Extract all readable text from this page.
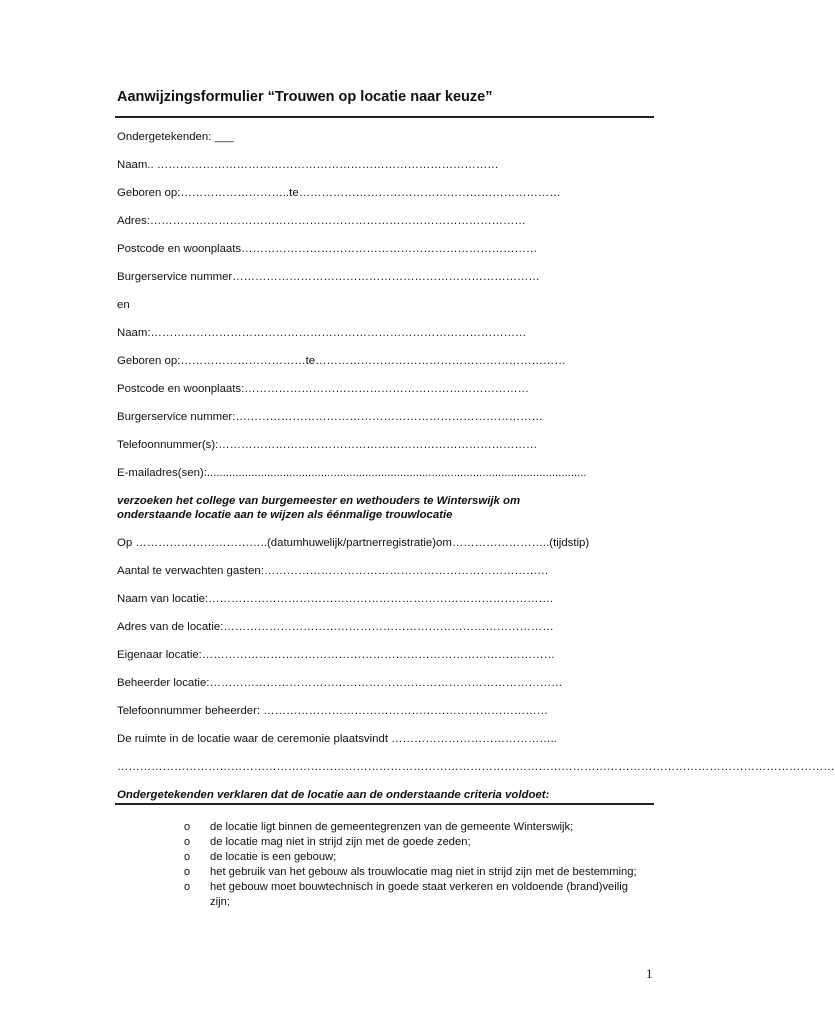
Aanwijzingsformulier “Trouwen op locatie naar keuze”
Ondergetekenden: ___
Naam.. ………………………………………………………………………………
Geboren op:………………………..te……………………………………………………………
Adres:………………………………………………………………………………………
Postcode en woonplaats……………………………………………………………………
Burgerservice nummer………………………………………………………………………
en
Naam:………………………………………………………………………………………
Geboren op:……………………………te…………………………………………………………
Postcode en woonplaats:…………………………………………………………………
Burgerservice nummer:………………………………………………………………………
Telefoonnummer(s):…………………………………………………………………………
E-mailadres(sen):........................................................................................................................
verzoeken het college van burgemeester en wethouders te Winterswijk om
onderstaande locatie aan te wijzen als éénmalige trouwlocatie
Op ……………………………..(datumhuwelijk/partnerregistratie)om……………………..(tijdstip)
Aantal te verwachten gasten:…………………………………………………………………
Naam van locatie:……………………………………………………………………………….
Adres van de locatie:……………………………………………………………………………
Eigenaar locatie:…………………………………………………………………………………
Beheerder locatie:…………………………………………………………………………………
Telefoonnummer beheerder: …………………………………………………………………
De ruimte in de locatie waar de ceremonie plaatsvindt ……………………………………..
………………………………………………………………………………………………………………………………………………………………………
Ondergetekenden verklaren dat de locatie aan de onderstaande criteria voldoet:
o de locatie ligt binnen de gemeentegrenzen van de gemeente Winterswijk;
o de locatie mag niet in strijd zijn met de goede zeden;
o de locatie is een gebouw;
o het gebruik van het gebouw als trouwlocatie mag niet in strijd zijn met de bestemming;
o het gebouw moet bouwtechnisch in goede staat verkeren en voldoende (brand)veilig zijn;
1
